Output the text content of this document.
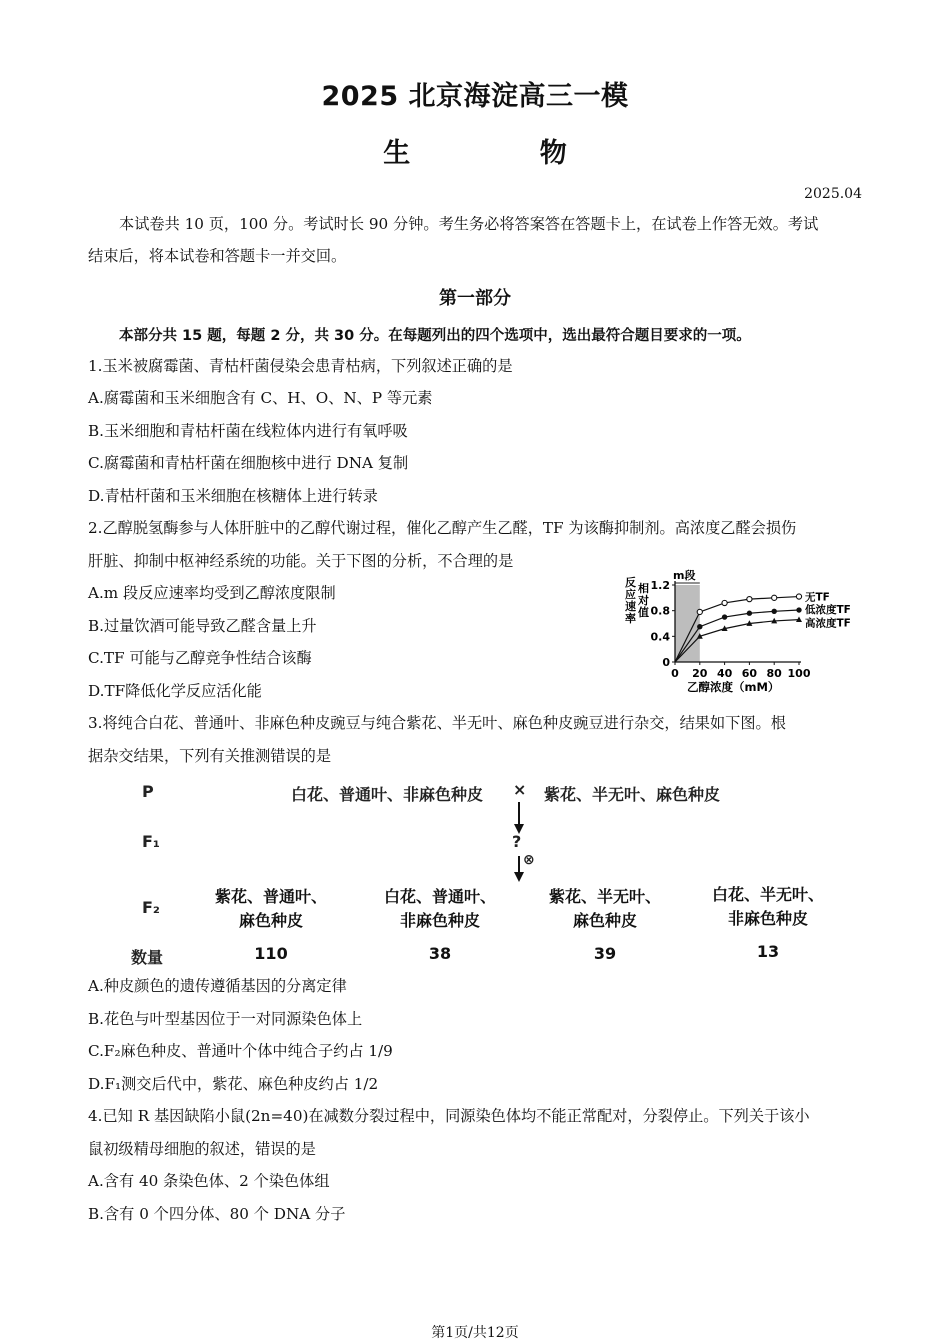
2025 北京海淀高三一模
生 物
2025.04
本试卷共 10 页，100 分。考试时长 90 分钟。考生务必将答案答在答题卡上，在试卷上作答无效。考试
结束后，将本试卷和答题卡一并交回。
第一部分
本部分共 15 题，每题 2 分，共 30 分。在每题列出的四个选项中，选出最符合题目要求的一项。
1.玉米被腐霉菌、青枯杆菌侵染会患青枯病，下列叙述正确的是
A.腐霉菌和玉米细胞含有 C、H、O、N、P 等元素
B.玉米细胞和青枯杆菌在线粒体内进行有氧呼吸
C.腐霉菌和青枯杆菌在细胞核中进行 DNA 复制
D.青枯杆菌和玉米细胞在核糖体上进行转录
2.乙醇脱氢酶参与人体肝脏中的乙醇代谢过程，催化乙醇产生乙醛，TF 为该酶抑制剂。高浓度乙醛会损伤
肝脏、抑制中枢神经系统的功能。关于下图的分析，不合理的是
A.m 段反应速率均受到乙醇浓度限制
B.过量饮酒可能导致乙醛含量上升
C.TF 可能与乙醇竞争性结合该酶
D.TF降低化学反应活化能
m段
0
0.4
0.8
1.2
0 20 40 60 80 100
无TF
低浓度TF
高浓度TF
乙醇浓度（mM）
反
应
速
率
相
对
值
3.将纯合白花、普通叶、非麻色种皮豌豆与纯合紫花、半无叶、麻色种皮豌豆进行杂交，结果如下图。根
据杂交结果，下列有关推测错误的是
P	白花、普通叶、非麻色种皮 × 紫花、半无叶、麻色种皮
F₁	?
⊗
F₂
紫花、普通叶、
麻色种皮
白花、普通叶、
非麻色种皮
紫花、半无叶、
麻色种皮
白花、半无叶、
非麻色种皮
数量	110	38	39	13
A.种皮颜色的遗传遵循基因的分离定律
B.花色与叶型基因位于一对同源染色体上
C.F₂麻色种皮、普通叶个体中纯合子约占 1/9
D.F₁测交后代中，紫花、麻色种皮约占 1/2
4.已知 R 基因缺陷小鼠(2n=40)在减数分裂过程中，同源染色体均不能正常配对，分裂停止。下列关于该小
鼠初级精母细胞的叙述，错误的是
A.含有 40 条染色体、2 个染色体组
B.含有 0 个四分体、80 个 DNA 分子
第1页/共12页
